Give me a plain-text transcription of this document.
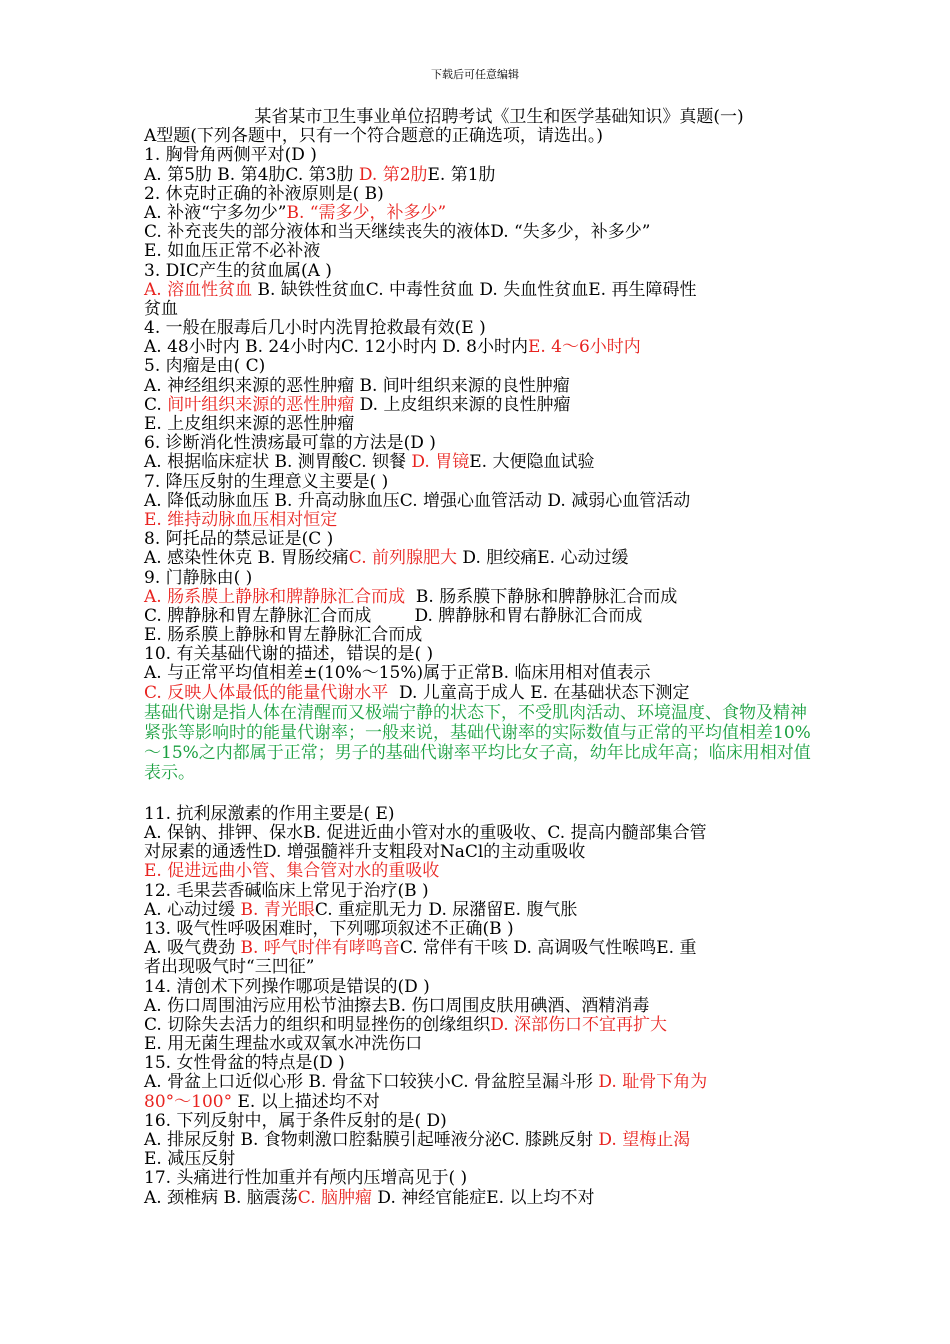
下载后可任意编辑
某省某市卫生事业单位招聘考试《卫生和医学基础知识》真题(一)
A型题(下列各题中，只有一个符合题意的正确选项，请选出。)
1. 胸骨角两侧平对(D )
A. 第5肋 B. 第4肋C. 第3肋 D. 第2肋E. 第1肋
2. 休克时正确的补液原则是( B)
A. 补液“宁多勿少”B. “需多少，补多少”
C. 补充丧失的部分液体和当天继续丧失的液体D. “失多少，补多少”
E. 如血压正常不必补液
3. DIC产生的贫血属(A )
A. 溶血性贫血 B. 缺铁性贫血C. 中毒性贫血 D. 失血性贫血E. 再生障碍性
贫血
4. 一般在服毒后几小时内洗胃抢救最有效(E )
A. 48小时内 B. 24小时内C. 12小时内 D. 8小时内E. 4～6小时内
5. 肉瘤是由( C)
A. 神经组织来源的恶性肿瘤 B. 间叶组织来源的良性肿瘤
C. 间叶组织来源的恶性肿瘤 D. 上皮组织来源的良性肿瘤
E. 上皮组织来源的恶性肿瘤
6. 诊断消化性溃疡最可靠的方法是(D )
A. 根据临床症状 B. 测胃酸C. 钡餐 D. 胃镜E. 大便隐血试验
7. 降压反射的生理意义主要是( )
A. 降低动脉血压 B. 升高动脉血压C. 增强心血管活动 D. 减弱心血管活动
E. 维持动脉血压相对恒定
8. 阿托品的禁忌证是(C )
A. 感染性休克 B. 胃肠绞痛C. 前列腺肥大 D. 胆绞痛E. 心动过缓
9. 门静脉由( )
A. 肠系膜上静脉和脾静脉汇合而成  B. 肠系膜下静脉和脾静脉汇合而成
C. 脾静脉和胃左静脉汇合而成        D. 脾静脉和胃右静脉汇合而成
E. 肠系膜上静脉和胃左静脉汇合而成
10. 有关基础代谢的描述，错误的是( )
A. 与正常平均值相差±(10%～15%)属于正常B. 临床用相对值表示
C. 反映人体最低的能量代谢水平  D. 儿童高于成人 E. 在基础状态下测定
基础代谢是指人体在清醒而又极端宁静的状态下，不受肌肉活动、环境温度、食物及精神紧张等影响时的能量代谢率；一般来说，基础代谢率的实际数值与正常的平均值相差10%～15%之内都属于正常；男子的基础代谢率平均比女子高，幼年比成年高；临床用相对值表示。
11. 抗利尿激素的作用主要是( E)
A. 保钠、排钾、保水B. 促进近曲小管对水的重吸收、C. 提高内髓部集合管
对尿素的通透性D. 增强髓袢升支粗段对NaCl的主动重吸收
E. 促进远曲小管、集合管对水的重吸收
12. 毛果芸香碱临床上常见于治疗(B )
A. 心动过缓 B. 青光眼C. 重症肌无力 D. 尿潴留E. 腹气胀
13. 吸气性呼吸困难时，下列哪项叙述不正确(B )
A. 吸气费劲 B. 呼气时伴有哮鸣音C. 常伴有干咳 D. 高调吸气性喉鸣E. 重
者出现吸气时“三凹征”
14. 清创术下列操作哪项是错误的(D )
A. 伤口周围油污应用松节油擦去B. 伤口周围皮肤用碘酒、酒精消毒
C. 切除失去活力的组织和明显挫伤的创缘组织D. 深部伤口不宜再扩大
E. 用无菌生理盐水或双氧水冲洗伤口
15. 女性骨盆的特点是(D )
A. 骨盆上口近似心形 B. 骨盆下口较狭小C. 骨盆腔呈漏斗形 D. 耻骨下角为
80°～100° E. 以上描述均不对
16. 下列反射中，属于条件反射的是( D)
A. 排尿反射 B. 食物刺激口腔黏膜引起唾液分泌C. 膝跳反射 D. 望梅止渴
E. 减压反射
17. 头痛进行性加重并有颅内压增高见于( )
A. 颈椎病 B. 脑震荡C. 脑肿瘤 D. 神经官能症E. 以上均不对
